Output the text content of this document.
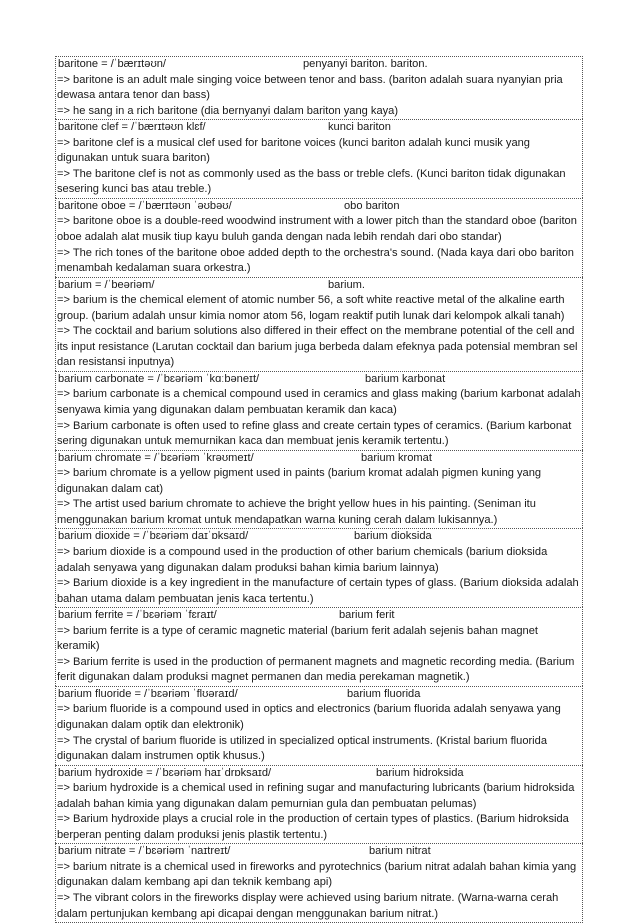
baritone = /ˈbærɪtəʊn/	penyanyi bariton. bariton.

=> baritone is an adult male singing voice between tenor and bass. (bariton adalah suara nyanyian pria dewasa antara tenor dan bass)

=> he sang in a rich baritone (dia bernyanyi dalam bariton yang kaya)

baritone clef = /ˈbærɪtəʊn klɛf/	kunci bariton

=> baritone clef is a musical clef used for baritone voices (kunci bariton adalah kunci musik yang digunakan untuk suara bariton)

=> The baritone clef is not as commonly used as the bass or treble clefs. (Kunci bariton tidak digunakan sesering kunci bas atau treble.)

baritone oboe = /ˈbærɪtəʊn ˈəʊbəʊ/	obo bariton

=> baritone oboe is a double-reed woodwind instrument with a lower pitch than the standard oboe (bariton oboe adalah alat musik tiup kayu buluh ganda dengan nada lebih rendah dari obo standar)

=> The rich tones of the baritone oboe added depth to the orchestra's sound. (Nada kaya dari obo bariton menambah kedalaman suara orkestra.)

barium = /ˈbeəriəm/	barium.

=> barium is the chemical element of atomic number 56, a soft white reactive metal of the alkaline earth group. (barium adalah unsur kimia nomor atom 56, logam reaktif putih lunak dari kelompok alkali tanah)

=> The cocktail and barium solutions also differed in their effect on the membrane potential of the cell and its input resistance (Larutan cocktail dan barium juga berbeda dalam efeknya pada potensial membran sel dan resistansi inputnya)

barium carbonate = /ˈbɛəriəm ˈkɑːbəneɪt/	barium karbonat

=> barium carbonate is a chemical compound used in ceramics and glass making (barium karbonat adalah senyawa kimia yang digunakan dalam pembuatan keramik dan kaca)

=> Barium carbonate is often used to refine glass and create certain types of ceramics. (Barium karbonat sering digunakan untuk memurnikan kaca dan membuat jenis keramik tertentu.)

barium chromate = /ˈbɛəriəm ˈkrəʊmeɪt/	barium kromat

=> barium chromate is a yellow pigment used in paints (barium kromat adalah pigmen kuning yang digunakan dalam cat)

=> The artist used barium chromate to achieve the bright yellow hues in his painting. (Seniman itu menggunakan barium kromat untuk mendapatkan warna kuning cerah dalam lukisannya.)

barium dioxide = /ˈbɛəriəm daɪˈɒksaɪd/	barium dioksida

=> barium dioxide is a compound used in the production of other barium chemicals (barium dioksida adalah senyawa yang digunakan dalam produksi bahan kimia barium lainnya)

=> Barium dioxide is a key ingredient in the manufacture of certain types of glass. (Barium dioksida adalah bahan utama dalam pembuatan jenis kaca tertentu.)

barium ferrite = /ˈbɛəriəm ˈfɛraɪt/	barium ferit

=> barium ferrite is a type of ceramic magnetic material (barium ferit adalah sejenis bahan magnet keramik)

=> Barium ferrite is used in the production of permanent magnets and magnetic recording media. (Barium ferit digunakan dalam produksi magnet permanen dan media perekaman magnetik.)

barium fluoride = /ˈbɛəriəm ˈflʊəraɪd/	barium fluorida

=> barium fluoride is a compound used in optics and electronics (barium fluorida adalah senyawa yang digunakan dalam optik dan elektronik)

=> The crystal of barium fluoride is utilized in specialized optical instruments. (Kristal barium fluorida digunakan dalam instrumen optik khusus.)

barium hydroxide = /ˈbɛəriəm haɪˈdrɒksaɪd/	barium hidroksida

=> barium hydroxide is a chemical used in refining sugar and manufacturing lubricants (barium hidroksida adalah bahan kimia yang digunakan dalam pemurnian gula dan pembuatan pelumas)

=> Barium hydroxide plays a crucial role in the production of certain types of plastics. (Barium hidroksida berperan penting dalam produksi jenis plastik tertentu.)

barium nitrate = /ˈbɛəriəm ˈnaɪtreɪt/	barium nitrat

=> barium nitrate is a chemical used in fireworks and pyrotechnics (barium nitrat adalah bahan kimia yang digunakan dalam kembang api dan teknik kembang api)

=> The vibrant colors in the fireworks display were achieved using barium nitrate. (Warna-warna cerah dalam pertunjukan kembang api dicapai dengan menggunakan barium nitrat.)
